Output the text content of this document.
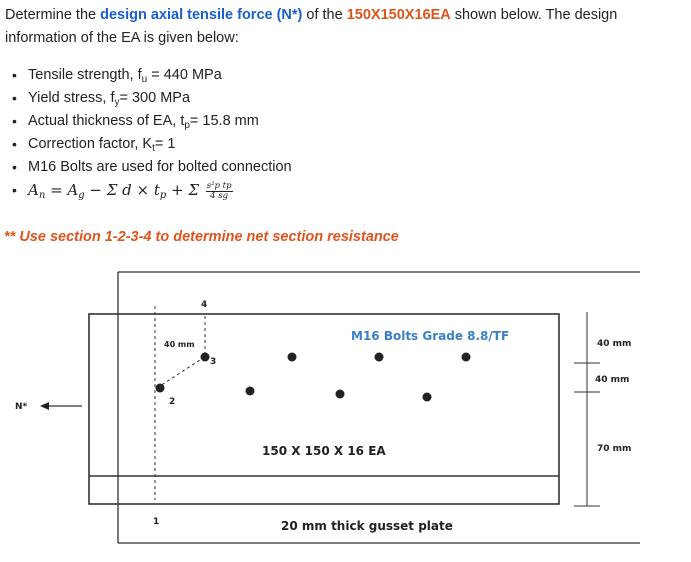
Determine the design axial tensile force (N*) of the 150X150X16EA shown below. The design information of the EA is given below:
• Tensile strength, $f_u = 440$ MPa
• Yield stress, $f_y= 300$ MPa
• Actual thickness of EA, $t_p= 15.8$ mm
• Correction factor, $K_t= 1$
• M16 Bolts are used for bolted connection
• $A_n = A_g - \Sigma$ $d \times t_p + \Sigma \frac{\text{s²p tp}}{4 sg}$
** Use section 1-2-3-4 to determine net section resistance
40 mm
40 mm
70 mm
N*
1
2
3
4
40 mm
M16 Bolts Grade 8.8/TF
150 X 150 X 16 EA
20 mm thick gusset plate
